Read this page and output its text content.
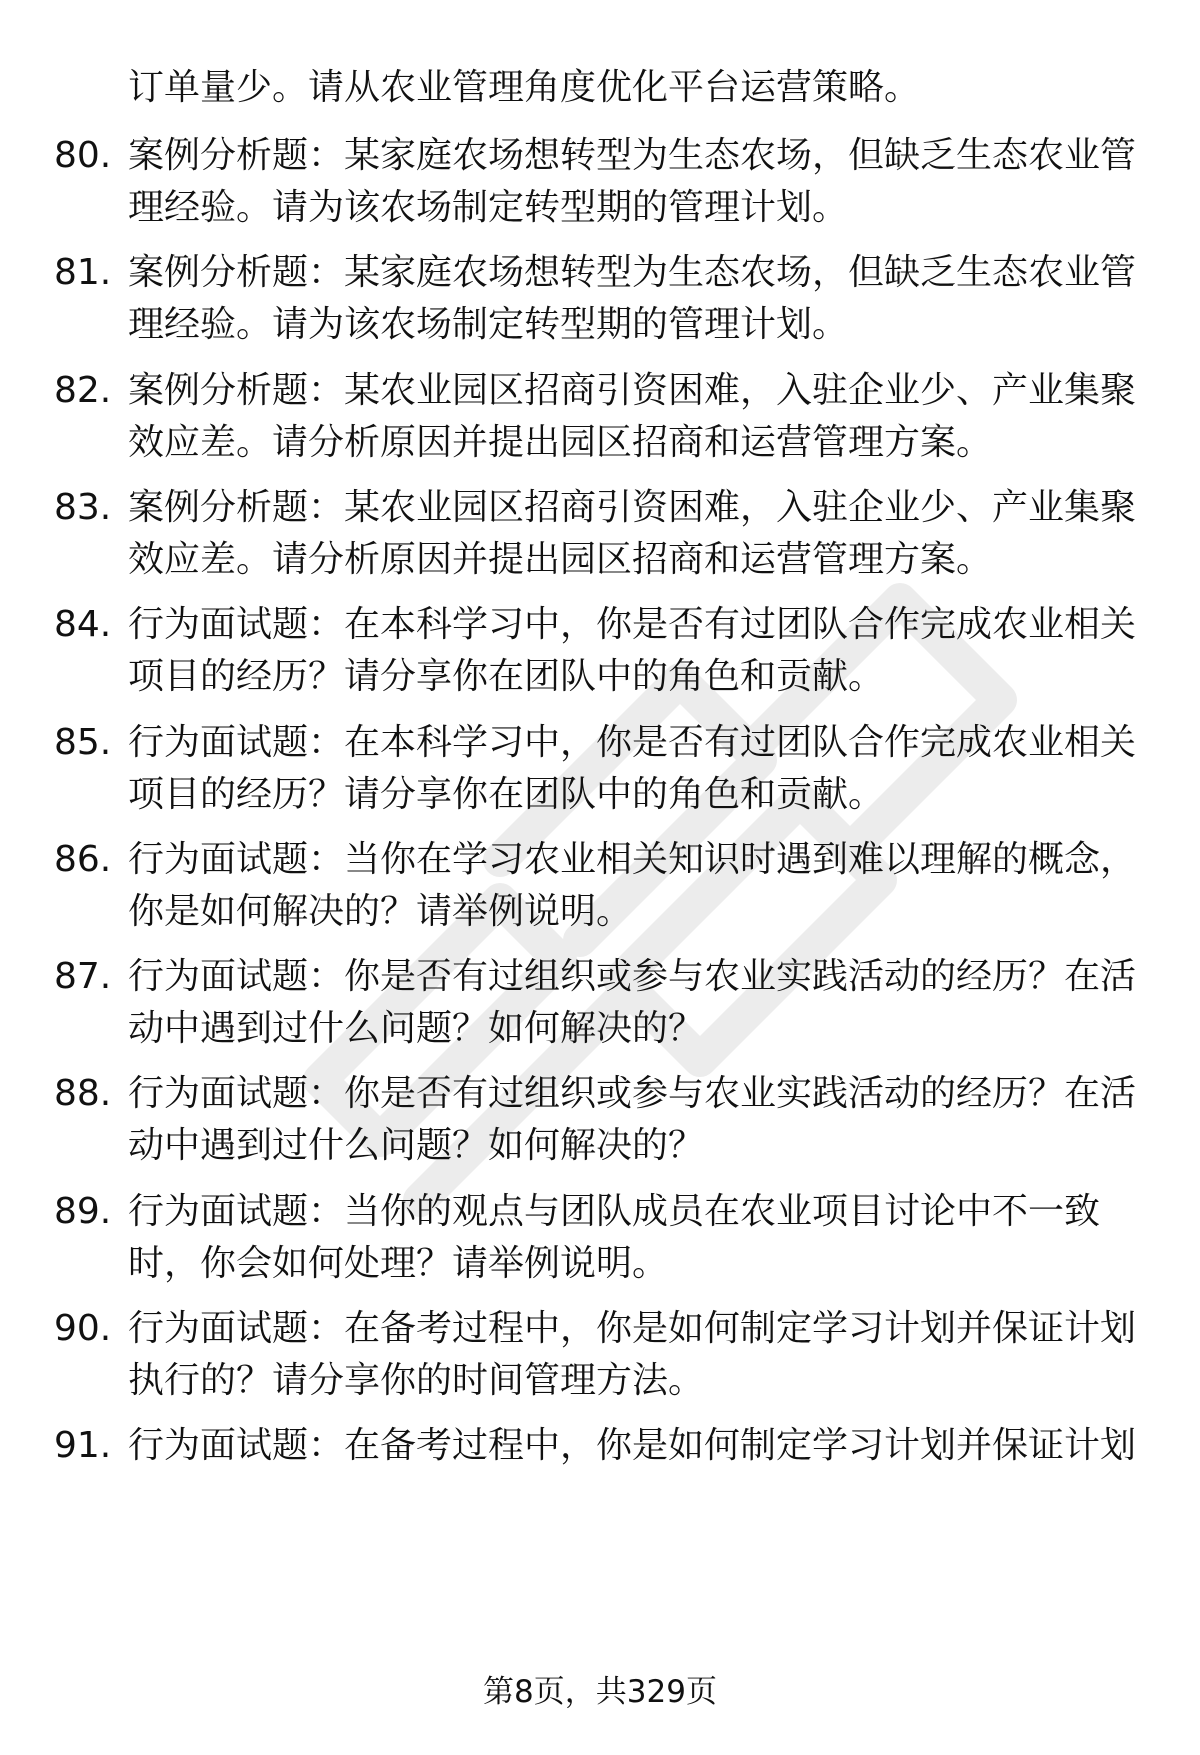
订单量少。请从农业管理角度优化平台运营策略。
80. 案例分析题：某家庭农场想转型为生态农场，但缺乏生态农业管
理经验。请为该农场制定转型期的管理计划。
81. 案例分析题：某家庭农场想转型为生态农场，但缺乏生态农业管
理经验。请为该农场制定转型期的管理计划。
82. 案例分析题：某农业园区招商引资困难，入驻企业少、产业集聚
效应差。请分析原因并提出园区招商和运营管理方案。
83. 案例分析题：某农业园区招商引资困难，入驻企业少、产业集聚
效应差。请分析原因并提出园区招商和运营管理方案。
84. 行为面试题：在本科学习中，你是否有过团队合作完成农业相关
项目的经历？请分享你在团队中的角色和贡献。
85. 行为面试题：在本科学习中，你是否有过团队合作完成农业相关
项目的经历？请分享你在团队中的角色和贡献。
86. 行为面试题：当你在学习农业相关知识时遇到难以理解的概念，
你是如何解决的？请举例说明。
87. 行为面试题：你是否有过组织或参与农业实践活动的经历？在活
动中遇到过什么问题？如何解决的？
88. 行为面试题：你是否有过组织或参与农业实践活动的经历？在活
动中遇到过什么问题？如何解决的？
89. 行为面试题：当你的观点与团队成员在农业项目讨论中不一致
时，你会如何处理？请举例说明。
90. 行为面试题：在备考过程中，你是如何制定学习计划并保证计划
执行的？请分享你的时间管理方法。
91. 行为面试题：在备考过程中，你是如何制定学习计划并保证计划
第8页，共329页
